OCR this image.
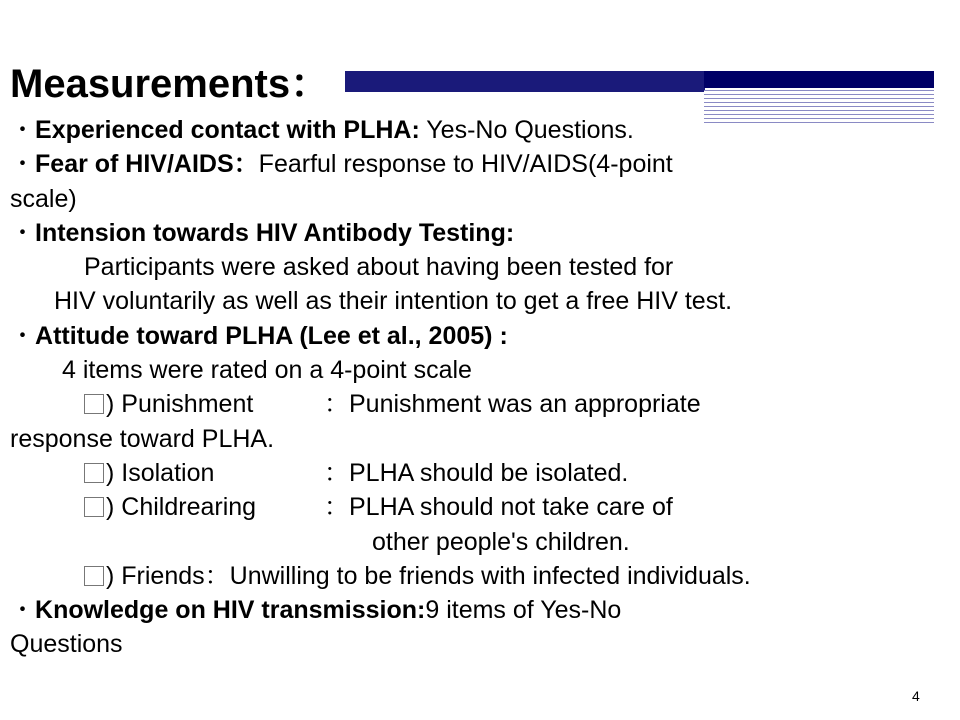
Measurements：
・Experienced contact with PLHA: Yes-No Questions.
・Fear of HIV/AIDS：Fearful response to HIV/AIDS(4-point
scale)
・Intension towards HIV Antibody Testing:
Participants were asked about having been tested for
HIV voluntarily as well as their intention to get a free HIV test.
・Attitude toward PLHA (Lee et al., 2005) :
4 items were rated on a 4-point scale
) Punishment	：Punishment was an appropriate
response toward PLHA.
) Isolation	：PLHA should be isolated.
) Childrearing	：PLHA should not take care of
other people's children.
) Friends：Unwilling to be friends with infected individuals.
・Knowledge on HIV transmission:9 items of Yes-No
Questions
4
